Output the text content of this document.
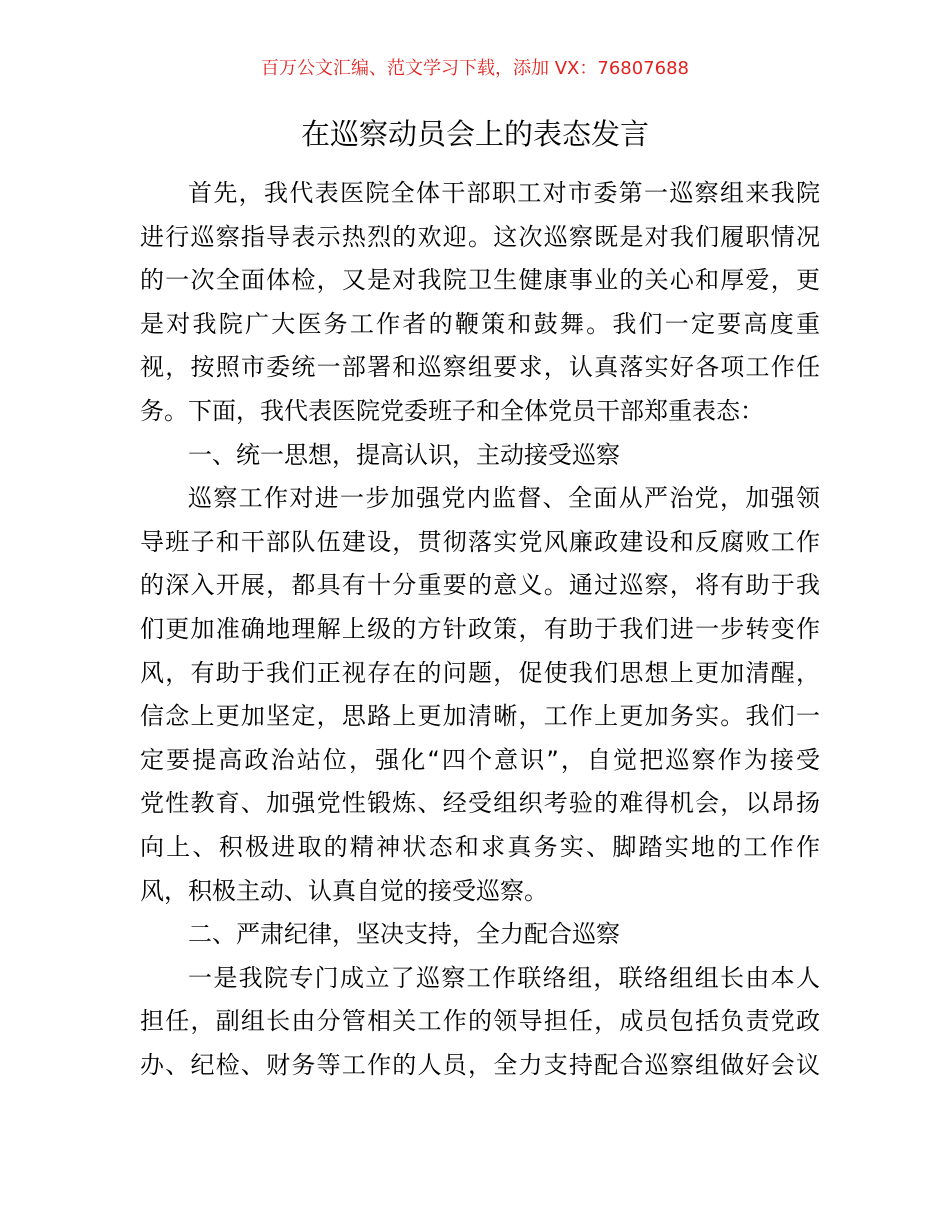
百万公文汇编、范文学习下载，添加 VX：76807688
在巡察动员会上的表态发言
首先，我代表医院全体干部职工对市委第一巡察组来我院
进行巡察指导表示热烈的欢迎。这次巡察既是对我们履职情况
的一次全面体检，又是对我院卫生健康事业的关心和厚爱，更
是对我院广大医务工作者的鞭策和鼓舞。我们一定要高度重
视，按照市委统一部署和巡察组要求，认真落实好各项工作任
务。下面，我代表医院党委班子和全体党员干部郑重表态：
一、统一思想，提高认识，主动接受巡察
巡察工作对进一步加强党内监督、全面从严治党，加强领
导班子和干部队伍建设，贯彻落实党风廉政建设和反腐败工作
的深入开展，都具有十分重要的意义。通过巡察，将有助于我
们更加准确地理解上级的方针政策，有助于我们进一步转变作
风，有助于我们正视存在的问题，促使我们思想上更加清醒，
信念上更加坚定，思路上更加清晰，工作上更加务实。我们一
定要提高政治站位，强化“四个意识”，自觉把巡察作为接受
党性教育、加强党性锻炼、经受组织考验的难得机会，以昂扬
向上、积极进取的精神状态和求真务实、脚踏实地的工作作
风，积极主动、认真自觉的接受巡察。
二、严肃纪律，坚决支持，全力配合巡察
一是我院专门成立了巡察工作联络组，联络组组长由本人
担任，副组长由分管相关工作的领导担任，成员包括负责党政
办、纪检、财务等工作的人员，全力支持配合巡察组做好会议
